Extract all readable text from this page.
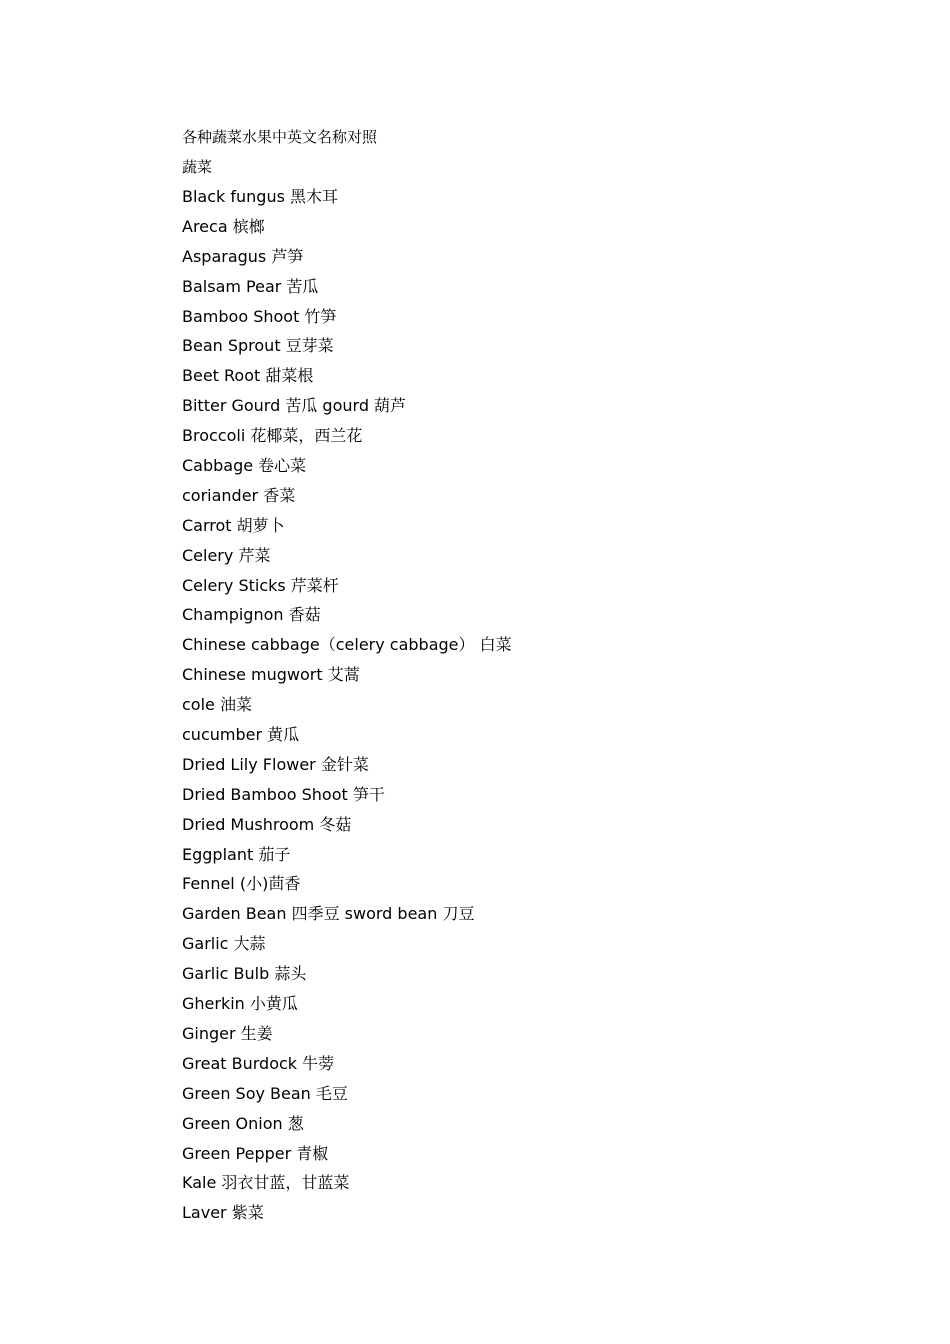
各种蔬菜水果中英文名称对照
蔬菜
Black fungus 黑木耳
Areca 槟榔
Asparagus 芦笋
Balsam Pear 苦瓜
Bamboo Shoot 竹笋
Bean Sprout 豆芽菜
Beet Root 甜菜根
Bitter Gourd 苦瓜 gourd 葫芦
Broccoli 花椰菜，西兰花
Cabbage 卷心菜
coriander 香菜
Carrot 胡萝卜
Celery 芹菜
Celery Sticks 芹菜杆
Champignon 香菇
Chinese cabbage（celery cabbage） 白菜
Chinese mugwort 艾蒿
cole 油菜
cucumber 黄瓜
Dried Lily Flower 金针菜
Dried Bamboo Shoot 笋干
Dried Mushroom 冬菇
Eggplant 茄子
Fennel (小)茴香
Garden Bean 四季豆 sword bean 刀豆
Garlic 大蒜
Garlic Bulb 蒜头
Gherkin 小黄瓜
Ginger 生姜
Great Burdock 牛蒡
Green Soy Bean 毛豆
Green Onion 葱
Green Pepper 青椒
Kale 羽衣甘蓝，甘蓝菜
Laver 紫菜
